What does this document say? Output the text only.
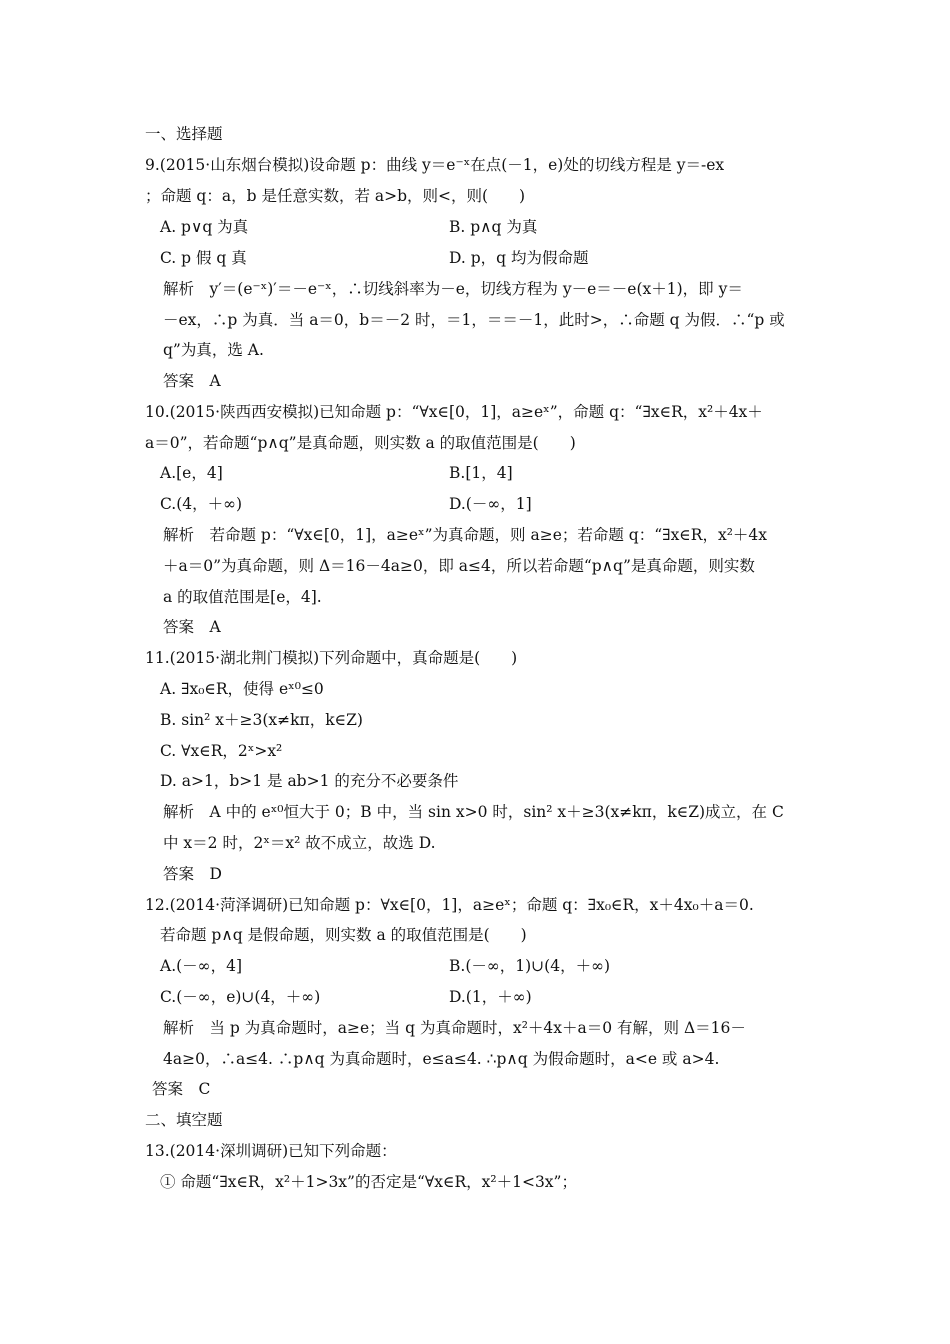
一、选择题
9.(2015·山东烟台模拟)设命题 p：曲线 y＝e⁻ˣ在点(－1，e)处的切线方程是 y＝-ex
；命题 q：a，b 是任意实数，若 a>b，则<，则(　　)
A. p∨q 为真	B. p∧q 为真
C. p 假 q 真	D. p，q 均为假命题
解析　y′＝(e⁻ˣ)′＝－e⁻ˣ，∴切线斜率为－e，切线方程为 y－e＝－e(x＋1)，即 y＝
－ex，∴p 为真．当 a＝0，b＝－2 时，＝1，＝＝－1，此时>，∴命题 q 为假．∴“p 或
q”为真，选 A.
答案　A
10.(2015·陕西西安模拟)已知命题 p：“∀x∈[0，1]，a≥eˣ”，命题 q：“∃x∈R，x²＋4x＋
a＝0”，若命题“p∧q”是真命题，则实数 a 的取值范围是(　　)
A.[e，4]	B.[1，4]
C.(4，＋∞)	D.(－∞，1]
解析　若命题 p：“∀x∈[0，1]，a≥eˣ”为真命题，则 a≥e；若命题 q：“∃x∈R，x²＋4x
＋a＝0”为真命题，则 Δ＝16－4a≥0，即 a≤4，所以若命题“p∧q”是真命题，则实数
a 的取值范围是[e，4].
答案　A
11.(2015·湖北荆门模拟)下列命题中，真命题是(　　)
A. ∃x₀∈R，使得 eˣ⁰≤0
B. sin² x＋≥3(x≠kπ，k∈Z)
C. ∀x∈R，2ˣ>x²
D. a>1，b>1 是 ab>1 的充分不必要条件
解析　A 中的 eˣ⁰恒大于 0；B 中，当 sin x>0 时，sin² x＋≥3(x≠kπ，k∈Z)成立，在 C
中 x＝2 时，2ˣ＝x² 故不成立，故选 D.
答案　D
12.(2014·菏泽调研)已知命题 p：∀x∈[0，1]，a≥eˣ；命题 q：∃x₀∈R，x＋4x₀＋a＝0.
若命题 p∧q 是假命题，则实数 a 的取值范围是(　　)
A.(－∞，4]	B.(－∞，1)∪(4，＋∞)
C.(－∞，e)∪(4，＋∞)	D.(1，＋∞)
解析　当 p 为真命题时，a≥e；当 q 为真命题时，x²＋4x＋a＝0 有解，则 Δ＝16－
4a≥0，∴a≤4. ∴p∧q 为真命题时，e≤a≤4. ∴p∧q 为假命题时，a<e 或 a>4.
答案　C
二、填空题
13.(2014·深圳调研)已知下列命题：
① 命题“∃x∈R，x²＋1>3x”的否定是“∀x∈R，x²＋1<3x”；
